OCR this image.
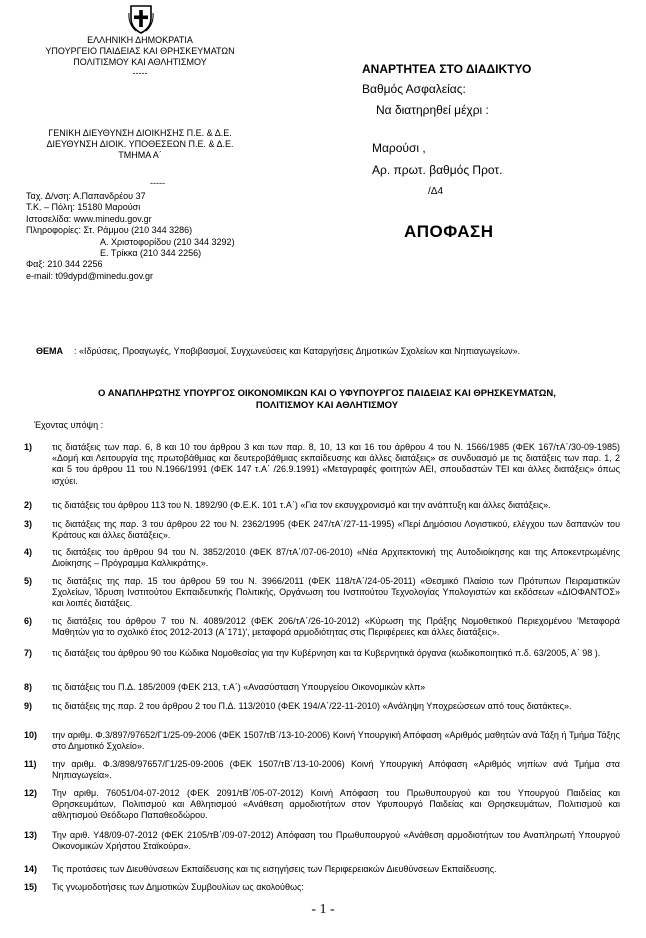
ΕΛΛΗΝΙΚΗ ΔΗΜΟΚΡΑΤΙΑ
ΥΠΟΥΡΓΕΙΟ ΠΑΙΔΕΙΑΣ ΚΑΙ ΘΡΗΣΚΕΥΜΑΤΩΝ
ΠΟΛΙΤΙΣΜΟΥ ΚΑΙ ΑΘΛΗΤΙΣΜΟΥ
-----
ΓΕΝΙΚΗ ΔΙΕΥΘΥΝΣΗ ΔΙΟΙΚΗΣΗΣ Π.Ε. & Δ.Ε.
ΔΙΕΥΘΥΝΣΗ ΔΙΟΙΚ. ΥΠΟΘΕΣΕΩΝ Π.Ε. & Δ.Ε.
ΤΜΗΜΑ Α΄
-----
Ταχ. Δ/νση: Α.Παπανδρέου 37
Τ.Κ. – Πόλη: 15180 Μαρούσι
Ιστοσελίδα: www.minedu.gov.gr
Πληροφορίες: Στ. Ράμμου (210 344 3286)
Α. Χριστοφορίδου (210 344 3292)
Ε. Τρίκκα (210 344 2256)
Φαξ: 210 344 2256
e-mail: t09dypd@minedu.gov.gr
ΑΝΑΡΤΗΤΕΑ ΣΤΟ ΔΙΑΔΙΚΤΥΟ
Βαθμός Ασφαλείας:
Να διατηρηθεί μέχρι :
Μαρούσι ,
Αρ. πρωτ. βαθμός Προτ.
/Δ4
ΑΠΟΦΑΣΗ
ΘΕΜΑ	: «Ιδρύσεις, Προαγωγές, Υποβιβασμοί, Συγχωνεύσεις και Καταργήσεις Δημοτικών Σχολείων και Νηπιαγωγείων».
Ο ΑΝΑΠΛΗΡΩΤΗΣ ΥΠΟΥΡΓΟΣ ΟΙΚΟΝΟΜΙΚΩΝ ΚΑΙ Ο ΥΦΥΠΟΥΡΓΟΣ ΠΑΙΔΕΙΑΣ ΚΑΙ ΘΡΗΣΚΕΥΜΑΤΩΝ, ΠΟΛΙΤΙΣΜΟΥ ΚΑΙ ΑΘΛΗΤΙΣΜΟΥ
Έχοντας υπόψη :
1)	τις διατάξεις των παρ. 6, 8 και 10 του άρθρου 3 και των παρ. 8, 10, 13 και 16 του άρθρου 4 του Ν. 1566/1985 (ΦΕΚ 167/τΑ΄/30-09-1985) «Δομή και Λειτουργία της πρωτοβάθμιας και δευτεροβάθμιας εκπαίδευσης και άλλες διατάξεις» σε συνδυασμό με τις διατάξεις των παρ. 1, 2 και 5 του άρθρου 11 του Ν.1966/1991 (ΦΕΚ 147 τ.Α΄ /26.9.1991) «Μεταγραφές φοιτητών ΑΕΙ, σπουδαστών ΤΕΙ και άλλες διατάξεις» όπως ισχύει.
2)	τις διατάξεις του άρθρου 113 του Ν. 1892/90 (Φ.Ε.Κ. 101 τ.Α΄) «Για τον εκσυγχρονισμό και την ανάπτυξη και άλλες διατάξεις».
3)	τις διατάξεις της παρ. 3 του άρθρου 22 του Ν. 2362/1995 (ΦΕΚ 247/τΑ΄/27-11-1995) «Περί Δημόσιου Λογιστικού, ελέγχου των δαπανών του Κράτους και άλλες διατάξεις».
4)	τις διατάξεις του άρθρου 94 του Ν. 3852/2010 (ΦΕΚ 87/τΑ΄/07-06-2010) «Νέα Αρχιτεκτονική της Αυτοδιοίκησης και της Αποκεντρωμένης Διοίκησης – Πρόγραμμα Καλλικράτης».
5)	τις διατάξεις της παρ. 15 του άρθρου 59 του Ν. 3966/2011 (ΦΕΚ 118/τΑ΄/24-05-2011) «Θεσμικό Πλαίσιο των Πρότυπων Πειραματικών Σχολείων, Ίδρυση Ινστιτούτου Εκπαιδευτικής Πολιτικής, Οργάνωση του Ινστιτούτου Τεχνολογίας Υπολογιστών και εκδόσεων «ΔΙΟΦΑΝΤΟΣ» και λοιπές διατάξεις.
6)	τις διατάξεις του άρθρου 7 του Ν. 4089/2012 (ΦΕΚ 206/τΑ΄/26-10-2012) «Κύρωση της Πράξης Νομοθετικού Περιεχομένου 'Μεταφορά Μαθητών για το σχολικό έτος 2012-2013 (Α΄171)', μεταφορά αρμοδιότητας στις Περιφέρειες και άλλες διατάξεις».
7)	τις διατάξεις του άρθρου 90 του Κώδικα Νομοθεσίας για την Κυβέρνηση και τα Κυβερνητικά όργανα (κωδικοποιητικό π.δ. 63/2005, Α΄ 98 ).
8)	τις διατάξεις του Π.Δ. 185/2009 (ΦΕΚ 213, τ.Α΄) «Ανασύσταση Υπουργείου Οικονομικών κλπ»
9)	τις διατάξεις της παρ. 2 του άρθρου 2 του Π.Δ. 113/2010 (ΦΕΚ 194/Α΄/22-11-2010) «Ανάληψη Υποχρεώσεων από τους διατάκτες».
10)	την αριθμ. Φ.3/897/97652/Γ1/25-09-2006 (ΦΕΚ 1507/τΒ΄/13-10-2006) Κοινή Υπουργική Απόφαση «Αριθμός μαθητών ανά Τάξη ή Τμήμα Τάξης στο Δημοτικό Σχολείο».
11)	την αριθμ. Φ.3/898/97657/Γ1/25-09-2006 (ΦΕΚ 1507/τΒ΄/13-10-2006) Κοινή Υπουργική Απόφαση «Αριθμός νηπίων ανά Τμήμα στα Νηπιαγωγεία».
12)	Την αριθμ. 76051/04-07-2012 (ΦΕΚ 2091/τΒ΄/05-07-2012) Κοινή Απόφαση του Πρωθυπουργού και του Υπουργού Παιδείας και Θρησκευμάτων, Πολιτισμού και Αθλητισμού «Ανάθεση αρμοδιοτήτων στον Υφυπουργό Παιδείας και Θρησκευμάτων, Πολιτισμού και αθλητισμού Θεόδωρο Παπαθεοδώρου.
13)	Την αριθ. Υ48/09-07-2012 (ΦΕΚ 2105/τΒ΄/09-07-2012) Απόφαση του Πρωθυπουργού «Ανάθεση αρμοδιοτήτων του Αναπληρωτή Υπουργού Οικονομικών Χρήστου Σταϊκούρα».
14)	Τις προτάσεις των Διευθύνσεων Εκπαίδευσης και τις εισηγήσεις των Περιφερειακών Διευθύνσεων Εκπαίδευσης.
15)	Τις γνωμοδοτήσεις των Δημοτικών Συμβουλίων ως ακολούθως:
- 1 -
